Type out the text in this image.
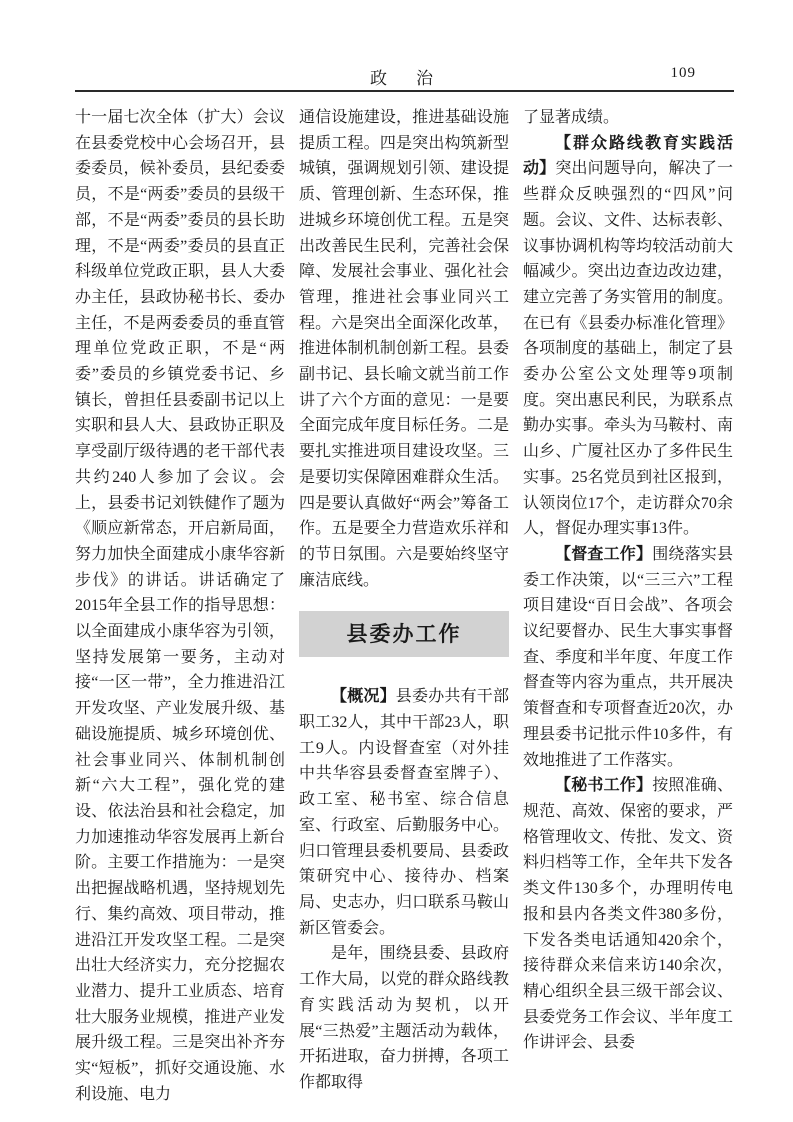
政　治	109

十一届七次全体（扩大）会议在县委党校中心会场召开，县委委员，候补委员，县纪委委员，不是“两委”委员的县级干部，不是“两委”委员的县长助理，不是“两委”委员的县直正科级单位党政正职，县人大委办主任，县政协秘书长、委办主任，不是两委委员的垂直管理单位党政正职，不是“两委”委员的乡镇党委书记、乡镇长，曾担任县委副书记以上实职和县人大、县政协正职及享受副厅级待遇的老干部代表共约240人参加了会议。会上，县委书记刘铁健作了题为《顺应新常态，开启新局面，努力加快全面建成小康华容新步伐》的讲话。讲话确定了2015年全县工作的指导思想：以全面建成小康华容为引领，坚持发展第一要务，主动对接“一区一带”，全力推进沿江开发攻坚、产业发展升级、基础设施提质、城乡环境创优、社会事业同兴、体制机制创新“六大工程”，强化党的建设、依法治县和社会稳定，加力加速推动华容发展再上新台阶。主要工作措施为：一是突出把握战略机遇，坚持规划先行、集约高效、项目带动，推进沿江开发攻坚工程。二是突出壮大经济实力，充分挖掘农业潜力、提升工业质态、培育壮大服务业规模，推进产业发展升级工程。三是突出补齐夯实“短板”，抓好交通设施、水利设施、电力

通信设施建设，推进基础设施提质工程。四是突出构筑新型城镇，强调规划引领、建设提质、管理创新、生态环保，推进城乡环境创优工程。五是突出改善民生民利，完善社会保障、发展社会事业、强化社会管理，推进社会事业同兴工程。六是突出全面深化改革，推进体制机制创新工程。县委副书记、县长喻文就当前工作讲了六个方面的意见：一是要全面完成年度目标任务。二是要扎实推进项目建设攻坚。三是要切实保障困难群众生活。四是要认真做好“两会”筹备工作。五是要全力营造欢乐祥和的节日氛围。六是要始终坚守廉洁底线。

县委办工作

【概况】县委办共有干部职工32人，其中干部23人，职工9人。内设督查室（对外挂中共华容县委督查室牌子）、政工室、秘书室、综合信息室、行政室、后勤服务中心。归口管理县委机要局、县委政策研究中心、接待办、档案局、史志办，归口联系马鞍山新区管委会。

是年，围绕县委、县政府工作大局，以党的群众路线教育实践活动为契机，以开展“三热爱”主题活动为载体，开拓进取，奋力拼搏，各项工作都取得

了显著成绩。

【群众路线教育实践活动】突出问题导向，解决了一些群众反映强烈的“四风”问题。会议、文件、达标表彰、议事协调机构等均较活动前大幅减少。突出边查边改边建，建立完善了务实管用的制度。在已有《县委办标准化管理》各项制度的基础上，制定了县委办公室公文处理等9项制度。突出惠民利民，为联系点勤办实事。牵头为马鞍村、南山乡、广厦社区办了多件民生实事。25名党员到社区报到，认领岗位17个，走访群众70余人，督促办理实事13件。

【督查工作】围绕落实县委工作决策，以“三三六”工程项目建设“百日会战”、各项会议纪要督办、民生大事实事督查、季度和半年度、年度工作督查等内容为重点，共开展决策督查和专项督查近20次，办理县委书记批示件10多件，有效地推进了工作落实。

【秘书工作】按照准确、规范、高效、保密的要求，严格管理收文、传批、发文、资料归档等工作，全年共下发各类文件130多个，办理明传电报和县内各类文件380多份，下发各类电话通知420余个，接待群众来信来访140余次，精心组织全县三级干部会议、县委党务工作会议、半年度工作讲评会、县委
